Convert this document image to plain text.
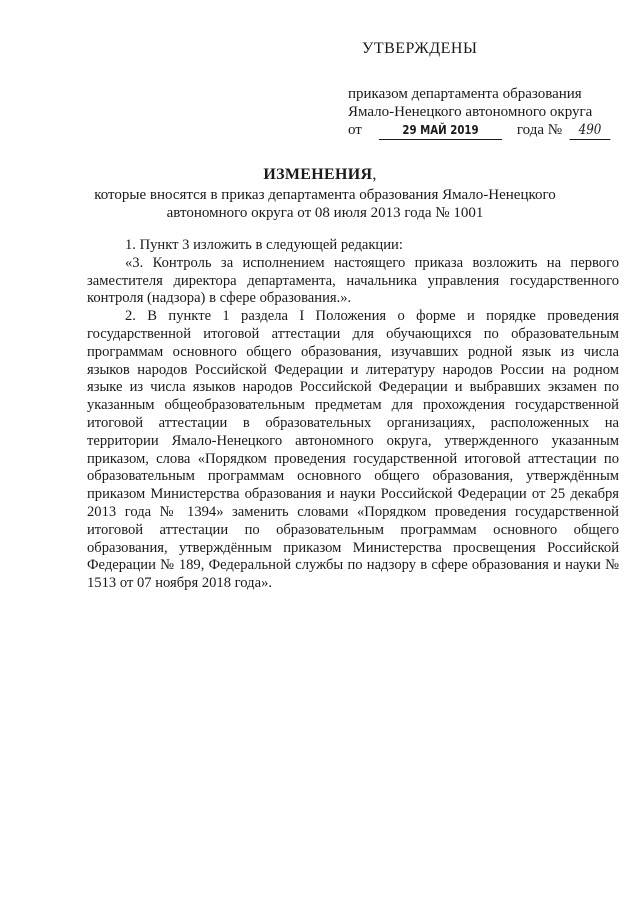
УТВЕРЖДЕНЫ
приказом департамента образования
Ямало-Ненецкого автономного округа
от	29 МАЙ 2019	года № 490
ИЗМЕНЕНИЯ,
которые вносятся в приказ департамента образования Ямало-Ненецкого автономного округа от 08 июля 2013 года № 1001

1. Пункт 3 изложить в следующей редакции:

«3. Контроль за исполнением настоящего приказа возложить на первого заместителя директора департамента, начальника управления государственного контроля (надзора) в сфере образования.».

2. В пункте 1 раздела I Положения о форме и порядке проведения государственной итоговой аттестации для обучающихся по образовательным программам основного общего образования, изучавших родной язык из числа языков народов Российской Федерации и литературу народов России на родном языке из числа языков народов Российской Федерации и выбравших экзамен по указанным общеобразовательным предметам для прохождения государственной итоговой аттестации в образовательных организациях, расположенных на территории Ямало-Ненецкого автономного округа, утвержденного указанным приказом, слова «Порядком проведения государственной итоговой аттестации по образовательным программам основного общего образования, утверждённым приказом Министерства образования и науки Российской Федерации от 25 декабря 2013 года № 1394» заменить словами «Порядком проведения государственной итоговой аттестации по образовательным программам основного общего образования, утверждённым приказом Министерства просвещения Российской Федерации № 189, Федеральной службы по надзору в сфере образования и науки № 1513 от 07 ноября 2018 года».
